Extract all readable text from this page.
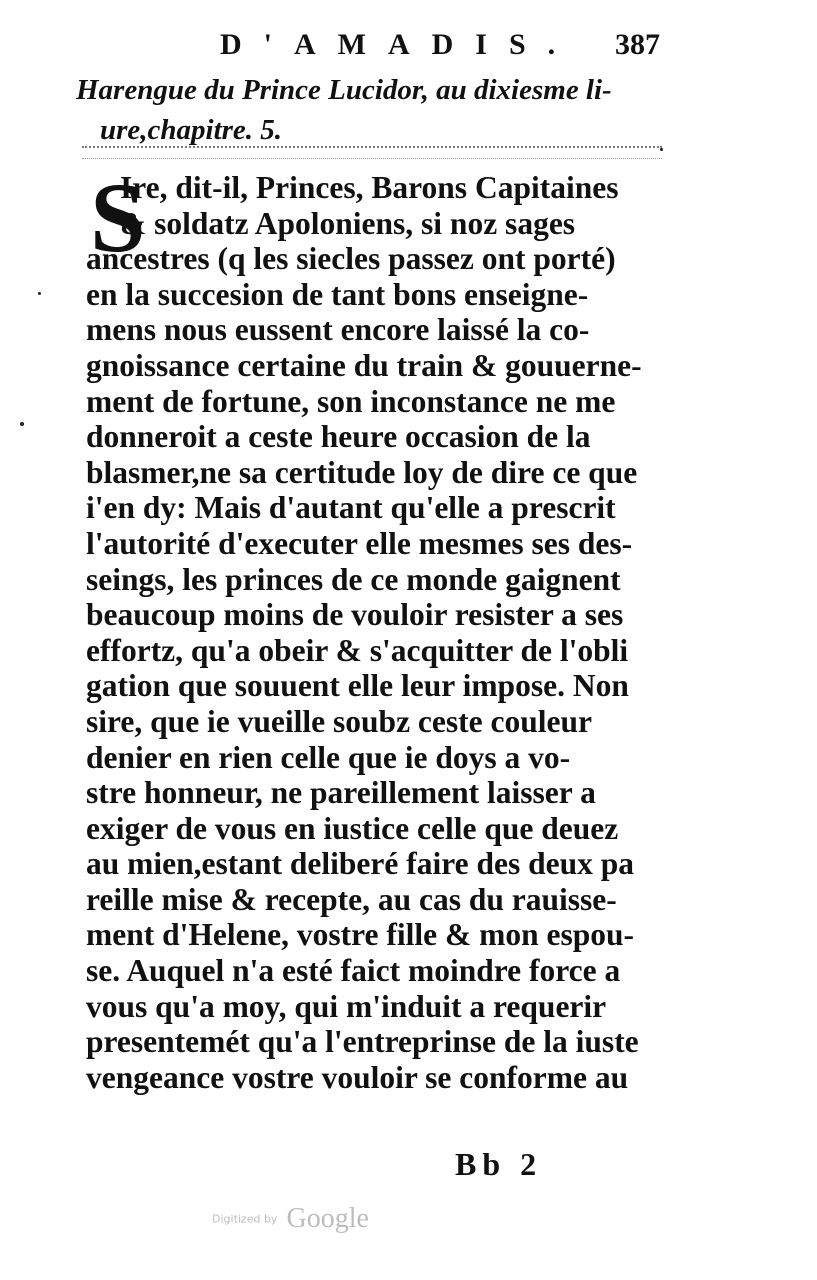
D'AMADIS. 387
Harengue du Prince Lucidor, au dixiesme li-
ure,chapitre. 5.
S
Ire, dit-il, Princes, Barons Capitaines
& soldatz Apoloniens, si noz sages
ancestres (q les siecles passez ont porté)
en la succesion de tant bons enseigne-
mens nous eussent encore laissé la co-
gnoissance certaine du train & gouuerne-
ment de fortune, son inconstance ne me
donneroit a ceste heure occasion de la
blasmer,ne sa certitude loy de dire ce que
i'en dy: Mais d'autant qu'elle a prescrit
l'autorité d'executer elle mesmes ses des-
seings, les princes de ce monde gaignent
beaucoup moins de vouloir resister a ses
effortz, qu'a obeir & s'acquitter de l'obli
gation que souuent elle leur impose. Non
sire, que ie vueille soubz ceste couleur
denier en rien celle que ie doys a vo-
stre honneur, ne pareillement laisser a
exiger de vous en iustice celle que deuez
au mien,estant deliberé faire des deux pa
reille mise & recepte, au cas du rauisse-
ment d'Helene, vostre fille & mon espou-
se. Auquel n'a esté faict moindre force a
vous qu'a moy, qui m'induit a requerir
presentemét qu'a l'entreprinse de la iuste
vengeance vostre vouloir se conforme au
Bb 2
Digitized by Google
